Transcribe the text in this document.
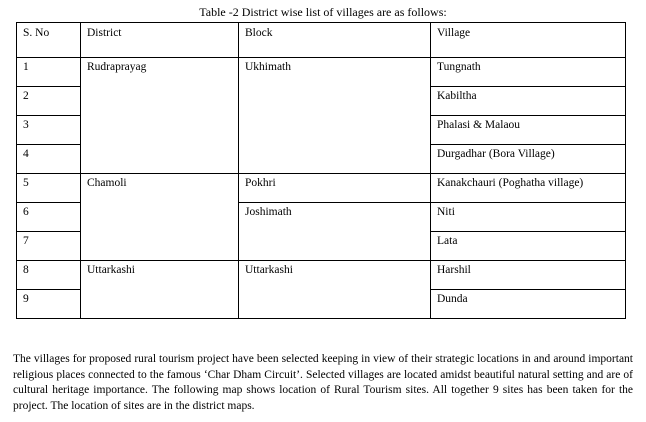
Table -2 District wise list of villages are as follows:
S. No	District	Block	Village
1	Rudraprayag	Ukhimath	Tungnath
2			Kabiltha
3			Phalasi & Malaou
4			Durgadhar (Bora Village)
5	Chamoli	Pokhri	Kanakchauri (Poghatha village)
6		Joshimath	Niti
7			Lata
8	Uttarkashi	Uttarkashi	Harshil
9			Dunda

The villages for proposed rural tourism project have been selected keeping in view of their strategic locations in and around important religious places connected to the famous ‘Char Dham Circuit’. Selected villages are located amidst beautiful natural setting and are of cultural heritage importance. The following map shows location of Rural Tourism sites. All together 9 sites has been taken for the project. The location of sites are in the district maps.
